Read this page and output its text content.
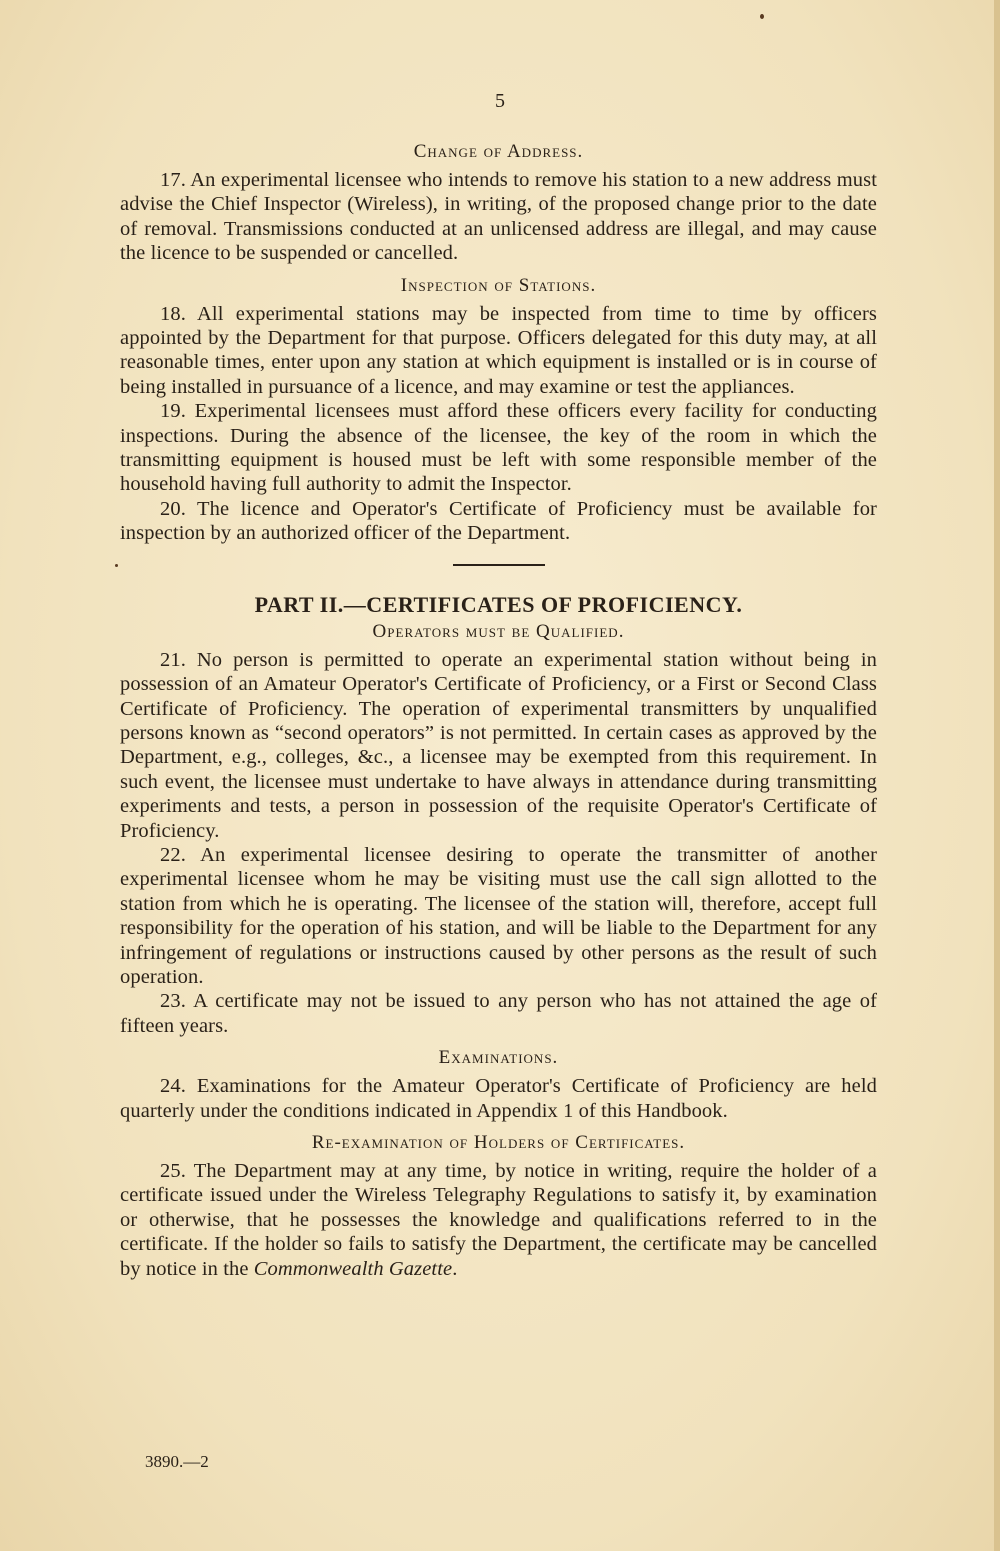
5

Change of Address.

17. An experimental licensee who intends to remove his station to a new address must advise the Chief Inspector (Wireless), in writing, of the proposed change prior to the date of removal. Transmissions conducted at an unlicensed address are illegal, and may cause the licence to be suspended or cancelled.

Inspection of Stations.

18. All experimental stations may be inspected from time to time by officers appointed by the Department for that purpose. Officers delegated for this duty may, at all reasonable times, enter upon any station at which equipment is installed or is in course of being installed in pursuance of a licence, and may examine or test the appliances.

19. Experimental licensees must afford these officers every facility for conducting inspections. During the absence of the licensee, the key of the room in which the transmitting equipment is housed must be left with some responsible member of the household having full authority to admit the Inspector.

20. The licence and Operator's Certificate of Proficiency must be available for inspection by an authorized officer of the Department.

PART II.—CERTIFICATES OF PROFICIENCY.

Operators must be Qualified.

21. No person is permitted to operate an experimental station without being in possession of an Amateur Operator's Certificate of Proficiency, or a First or Second Class Certificate of Proficiency. The operation of experimental transmitters by unqualified persons known as “second operators” is not permitted. In certain cases as approved by the Department, e.g., colleges, &c., a licensee may be exempted from this requirement. In such event, the licensee must undertake to have always in attendance during transmitting experiments and tests, a person in possession of the requisite Operator's Certificate of Proficiency.

22. An experimental licensee desiring to operate the transmitter of another experimental licensee whom he may be visiting must use the call sign allotted to the station from which he is operating. The licensee of the station will, therefore, accept full responsibility for the operation of his station, and will be liable to the Department for any infringement of regulations or instructions caused by other persons as the result of such operation.

23. A certificate may not be issued to any person who has not attained the age of fifteen years.

Examinations.

24. Examinations for the Amateur Operator's Certificate of Proficiency are held quarterly under the conditions indicated in Appendix 1 of this Handbook.

Re-examination of Holders of Certificates.

25. The Department may at any time, by notice in writing, require the holder of a certificate issued under the Wireless Telegraphy Regulations to satisfy it, by examination or otherwise, that he possesses the knowledge and qualifications referred to in the certificate. If the holder so fails to satisfy the Department, the certificate may be cancelled by notice in the Commonwealth Gazette.

3890.—2
